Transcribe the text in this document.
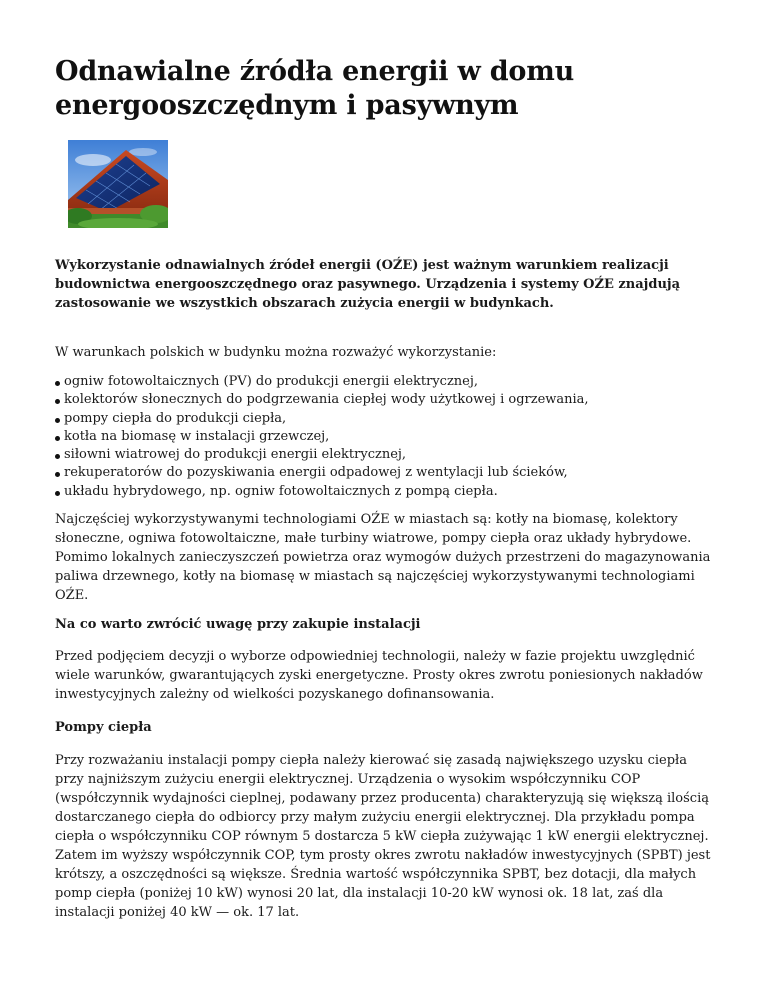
Odnawialne źródła energii w domu energooszczędnym i pasywnym

Wykorzystanie odnawialnych źródeł energii (OŹE) jest ważnym warunkiem realizacji budownictwa energooszczędnego oraz pasywnego. Urządzenia i systemy OŹE znajdują zastosowanie we wszystkich obszarach zużycia energii w budynkach.

W warunkach polskich w budynku można rozważyć wykorzystanie:

ogniw fotowoltaicznych (PV) do produkcji energii elektrycznej,
kolektorów słonecznych do podgrzewania ciepłej wody użytkowej i ogrzewania,
pompy ciepła do produkcji ciepła,
kotła na biomasę w instalacji grzewczej,
siłowni wiatrowej do produkcji energii elektrycznej,
rekuperatorów do pozyskiwania energii odpadowej z wentylacji lub ścieków,
układu hybrydowego, np. ogniw fotowoltaicznych z pompą ciepła.

Najczęściej wykorzystywanymi technologiami OŹE w miastach są: kotły na biomasę, kolektory słoneczne, ogniwa fotowoltaiczne, małe turbiny wiatrowe, pompy ciepła oraz układy hybrydowe. Pomimo lokalnych zanieczyszczeń powietrza oraz wymogów dużych przestrzeni do magazynowania paliwa drzewnego, kotły na biomasę w miastach są najczęściej wykorzystywanymi technologiami OŹE.

Na co warto zwrócić uwagę przy zakupie instalacji

Przed podjęciem decyzji o wyborze odpowiedniej technologii, należy w fazie projektu uwzględnić wiele warunków, gwarantujących zyski energetyczne. Prosty okres zwrotu poniesionych nakładów inwestycyjnych zależny od wielkości pozyskanego dofinansowania.

Pompy ciepła

Przy rozważaniu instalacji pompy ciepła należy kierować się zasadą największego uzysku ciepła przy najniższym zużyciu energii elektrycznej. Urządzenia o wysokim współczynniku COP (współczynnik wydajności cieplnej, podawany przez producenta) charakteryzują się większą ilością dostarczanego ciepła do odbiorcy przy małym zużyciu energii elektrycznej. Dla przykładu pompa ciepła o współczynniku COP równym 5 dostarcza 5 kW ciepła zużywając 1 kW energii elektrycznej. Zatem im wyższy współczynnik COP, tym prosty okres zwrotu nakładów inwestycyjnych (SPBT) jest krótszy, a oszczędności są większe. Średnia wartość współczynnika SPBT, bez dotacji, dla małych pomp ciepła (poniżej 10 kW) wynosi 20 lat, dla instalacji 10-20 kW wynosi ok. 18 lat, zaś dla instalacji poniżej 40 kW — ok. 17 lat.
